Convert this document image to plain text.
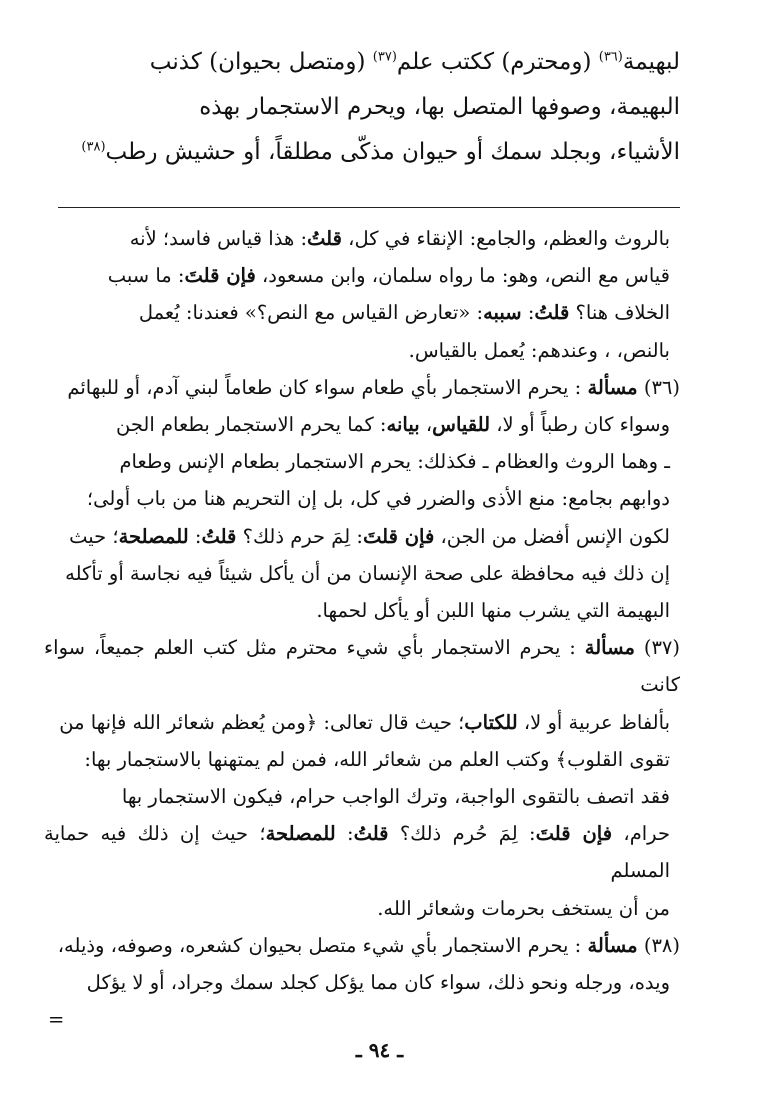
لبهيمة$^{(٣٦)}$ (ومحترم) ككتب علم$^{(٣٧)}$ (ومتصل بحيوان) كذنب

البهيمة، وصوفها المتصل بها، ويحرم الاستجمار بهذه

الأشياء، وبجلد سمك أو حيوان مذكّى مطلقاً، أو حشيش رطب$^{(٣٨)}$

بالروث والعظم، والجامع: الإنقاء في كل، قلتُ: هذا قياس فاسد؛ لأنه

قياس مع النص، وهو: ما رواه سلمان، وابن مسعود، فإن قلتَ: ما سبب

الخلاف هنا؟ قلتُ: سببه: «تعارض القياس مع النص؟» فعندنا: يُعمل

بالنص، ، وعندهم: يُعمل بالقياس.

(٣٦) مسألة : يحرم الاستجمار بأي طعام سواء كان طعاماً لبني آدم، أو للبهائم

وسواء كان رطباً أو لا، للقياس، بيانه: كما يحرم الاستجمار بطعام الجن

ـ وهما الروث والعظام ـ فكذلك: يحرم الاستجمار بطعام الإنس وطعام

دوابهم بجامع: منع الأذى والضرر في كل، بل إن التحريم هنا من باب أولى؛

لكون الإنس أفضل من الجن، فإن قلتَ: لِمَ حرم ذلك؟ قلتُ: للمصلحة؛ حيث

إن ذلك فيه محافظة على صحة الإنسان من أن يأكل شيئاً فيه نجاسة أو تأكله

البهيمة التي يشرب منها اللبن أو يأكل لحمها.

(٣٧) مسألة : يحرم الاستجمار بأي شيء محترم مثل كتب العلم جميعاً، سواء كانت

بألفاظ عربية أو لا، للكتاب؛ حيث قال تعالى: ﴿ومن يُعظم شعائر الله فإنها من

تقوى القلوب﴾ وكتب العلم من شعائر الله، فمن لم يمتهنها بالاستجمار بها:

فقد اتصف بالتقوى الواجبة، وترك الواجب حرام، فيكون الاستجمار بها

حرام، فإن قلتَ: لِمَ حُرم ذلك؟ قلتُ: للمصلحة؛ حيث إن ذلك فيه حماية المسلم

من أن يستخف بحرمات وشعائر الله.

(٣٨) مسألة : يحرم الاستجمار بأي شيء متصل بحيوان كشعره، وصوفه، وذيله،

ويده، ورجله ونحو ذلك، سواء كان مما يؤكل كجلد سمك وجراد، أو لا يؤكل

=

ـ ٩٤ ـ
